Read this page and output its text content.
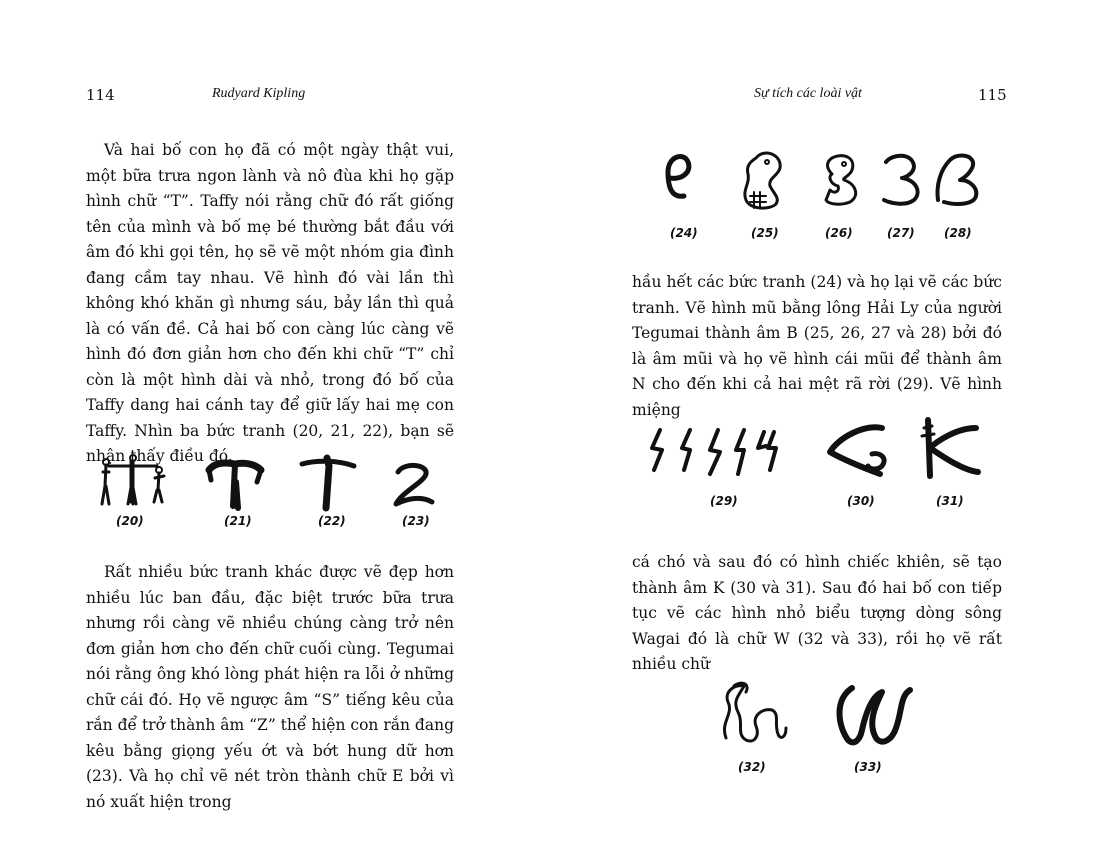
114	Rudyard Kipling
Và hai bố con họ đã có một ngày thật vui, một bữa trưa ngon lành và nô đùa khi họ gặp hình chữ “T”. Taffy nói rằng chữ đó rất giống tên của mình và bố mẹ bé thường bắt đầu với âm đó khi gọi tên, họ sẽ vẽ một nhóm gia đình đang cầm tay nhau. Vẽ hình đó vài lần thì không khó khăn gì nhưng sáu, bảy lần thì quả là có vấn đề. Cả hai bố con càng lúc càng vẽ hình đó đơn giản hơn cho đến khi chữ “T” chỉ còn là một hình dài và nhỏ, trong đó bố của Taffy dang hai cánh tay để giữ lấy hai mẹ con Taffy. Nhìn ba bức tranh (20, 21, 22), bạn sẽ nhận thấy điều đó.
(20)	(21)	(22)	(23)
Rất nhiều bức tranh khác được vẽ đẹp hơn nhiều lúc ban đầu, đặc biệt trước bữa trưa nhưng rồi càng vẽ nhiều chúng càng trở nên đơn giản hơn cho đến chữ cuối cùng. Tegumai nói rằng ông khó lòng phát hiện ra lỗi ở những chữ cái đó. Họ vẽ ngược âm “S” tiếng kêu của rắn để trở thành âm “Z” thể hiện con rắn đang kêu bằng giọng yếu ớt và bớt hung dữ hơn (23). Và họ chỉ vẽ nét tròn thành chữ E bởi vì nó xuất hiện trong
Sự tích các loài vật	115
(24)	(25)	(26)	(27) (28)
hầu hết các bức tranh (24) và họ lại vẽ các bức tranh. Vẽ hình mũ bằng lông Hải Ly của người Tegumai thành âm B (25, 26, 27 và 28) bởi đó là âm mũi và họ vẽ hình cái mũi để thành âm N cho đến khi cả hai mệt rã rời (29). Vẽ hình miệng
(29)	(30)	(31)
cá chó và sau đó có hình chiếc khiên, sẽ tạo thành âm K (30 và 31). Sau đó hai bố con tiếp tục vẽ các hình nhỏ biểu tượng dòng sông Wagai đó là chữ W (32 và 33), rồi họ vẽ rất nhiều chữ
(32)	(33)
